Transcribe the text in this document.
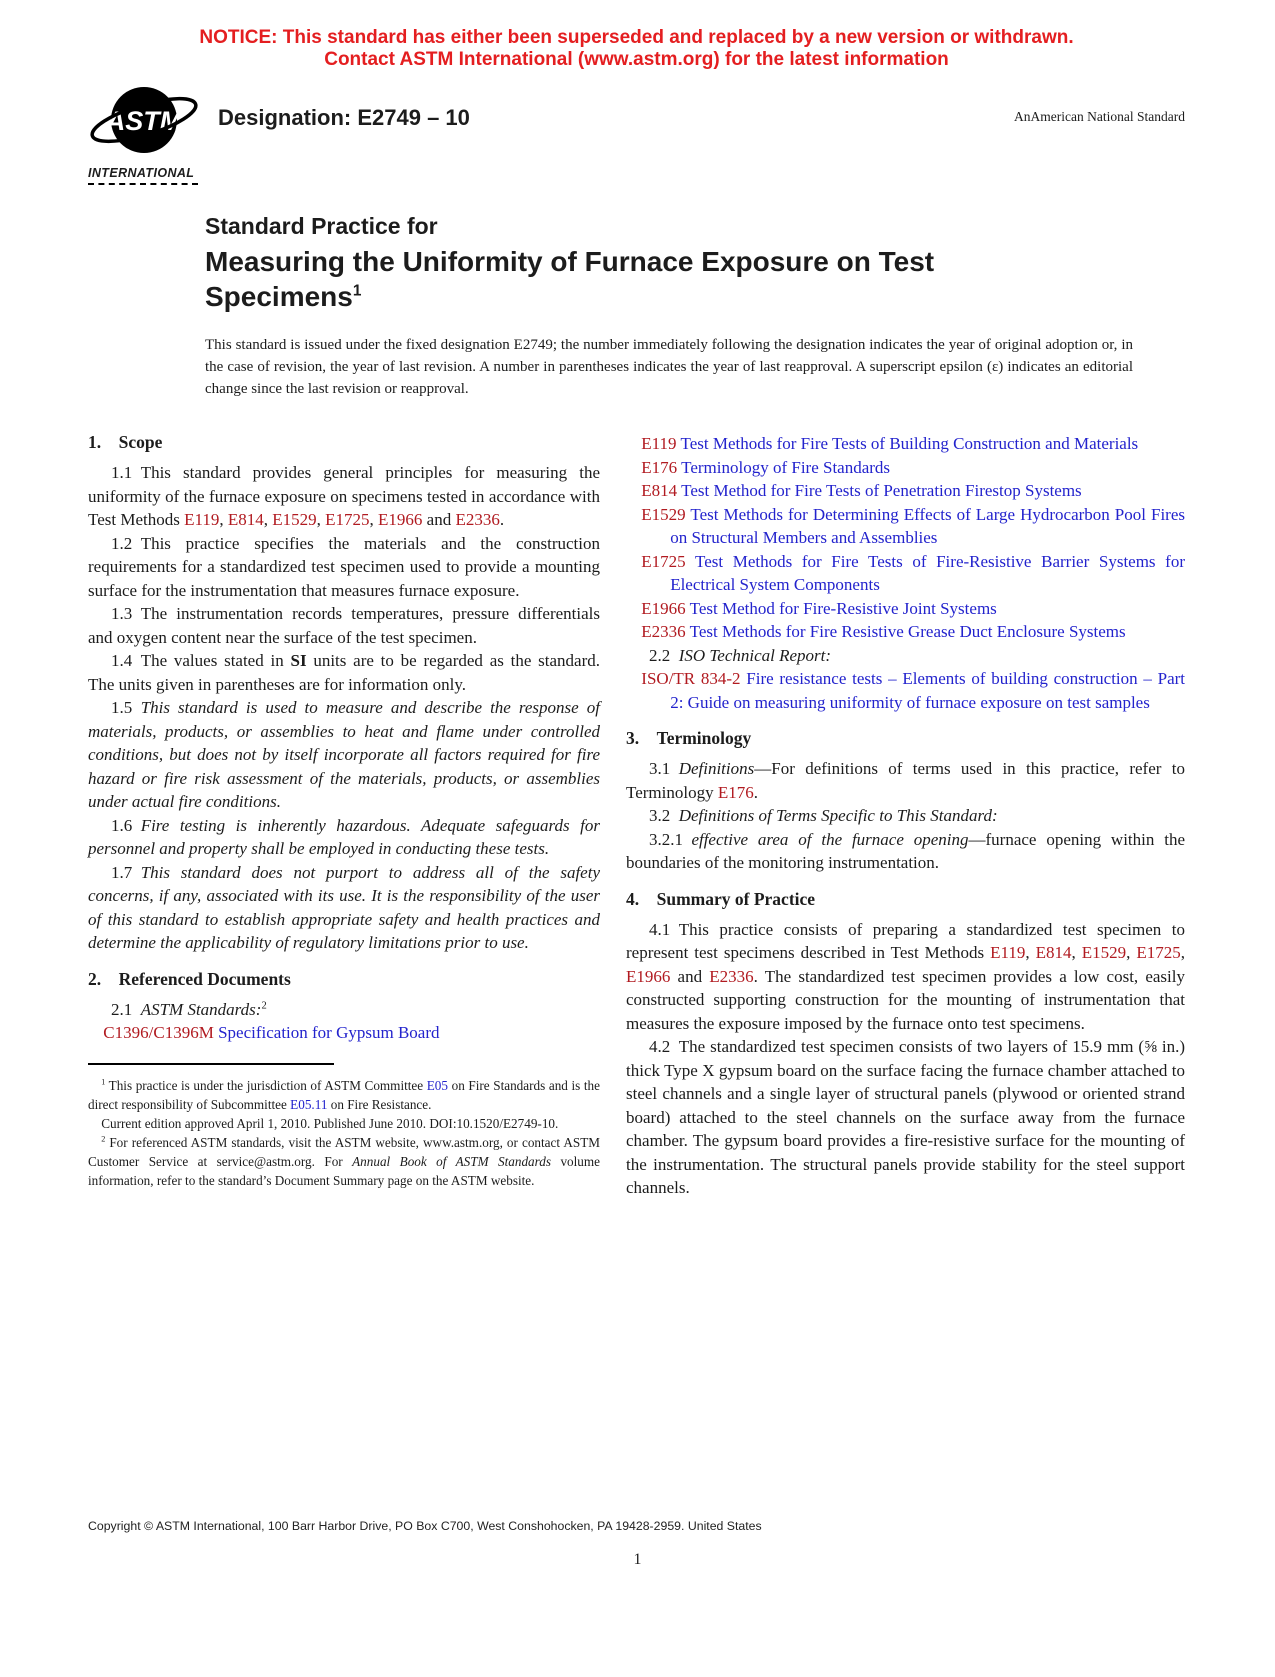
NOTICE: This standard has either been superseded and replaced by a new version or withdrawn.
Contact ASTM International (www.astm.org) for the latest information
ASTM
INTERNATIONAL
Designation: E2749 – 10	AnAmerican National Standard
Standard Practice for
Measuring the Uniformity of Furnace Exposure on Test Specimens$^1$
This standard is issued under the fixed designation E2749; the number immediately following the designation indicates the year of original adoption or, in the case of revision, the year of last revision. A number in parentheses indicates the year of last reapproval. A superscript epsilon (ε) indicates an editorial change since the last revision or reapproval.
1.  Scope
1.1 This standard provides general principles for measuring the uniformity of the furnace exposure on specimens tested in accordance with Test Methods E119, E814, E1529, E1725, E1966 and E2336.
1.2 This practice specifies the materials and the construction requirements for a standardized test specimen used to provide a mounting surface for the instrumentation that measures furnace exposure.
1.3 The instrumentation records temperatures, pressure differentials and oxygen content near the surface of the test specimen.
1.4 The values stated in SI units are to be regarded as the standard. The units given in parentheses are for information only.
1.5 This standard is used to measure and describe the response of materials, products, or assemblies to heat and flame under controlled conditions, but does not by itself incorporate all factors required for fire hazard or fire risk assessment of the materials, products, or assemblies under actual fire conditions.
1.6 Fire testing is inherently hazardous. Adequate safeguards for personnel and property shall be employed in conducting these tests.
1.7 This standard does not purport to address all of the safety concerns, if any, associated with its use. It is the responsibility of the user of this standard to establish appropriate safety and health practices and determine the applicability of regulatory limitations prior to use.
2.  Referenced Documents
2.1 ASTM Standards:$^2$
C1396/C1396M Specification for Gypsum Board
$^1$ This practice is under the jurisdiction of ASTM Committee E05 on Fire Standards and is the direct responsibility of Subcommittee E05.11 on Fire Resistance.
Current edition approved April 1, 2010. Published June 2010. DOI:10.1520/E2749-10.
$^2$ For referenced ASTM standards, visit the ASTM website, www.astm.org, or contact ASTM Customer Service at service@astm.org. For Annual Book of ASTM Standards volume information, refer to the standard’s Document Summary page on the ASTM website.
E119 Test Methods for Fire Tests of Building Construction and Materials
E176 Terminology of Fire Standards
E814 Test Method for Fire Tests of Penetration Firestop Systems
E1529 Test Methods for Determining Effects of Large Hydrocarbon Pool Fires on Structural Members and Assemblies
E1725 Test Methods for Fire Tests of Fire-Resistive Barrier Systems for Electrical System Components
E1966 Test Method for Fire-Resistive Joint Systems
E2336 Test Methods for Fire Resistive Grease Duct Enclosure Systems
2.2 ISO Technical Report:
ISO/TR 834-2 Fire resistance tests – Elements of building construction – Part 2: Guide on measuring uniformity of furnace exposure on test samples
3.  Terminology
3.1 Definitions—For definitions of terms used in this practice, refer to Terminology E176.
3.2 Definitions of Terms Specific to This Standard:
3.2.1 effective area of the furnace opening—furnace opening within the boundaries of the monitoring instrumentation.
4.  Summary of Practice
4.1 This practice consists of preparing a standardized test specimen to represent test specimens described in Test Methods E119, E814, E1529, E1725, E1966 and E2336. The standardized test specimen provides a low cost, easily constructed supporting construction for the mounting of instrumentation that measures the exposure imposed by the furnace onto test specimens.
4.2 The standardized test specimen consists of two layers of 15.9 mm (⅝ in.) thick Type X gypsum board on the surface facing the furnace chamber attached to steel channels and a single layer of structural panels (plywood or oriented strand board) attached to the steel channels on the surface away from the furnace chamber. The gypsum board provides a fire-resistive surface for the mounting of the instrumentation. The structural panels provide stability for the steel support channels.
Copyright © ASTM International, 100 Barr Harbor Drive, PO Box C700, West Conshohocken, PA 19428-2959. United States
1
